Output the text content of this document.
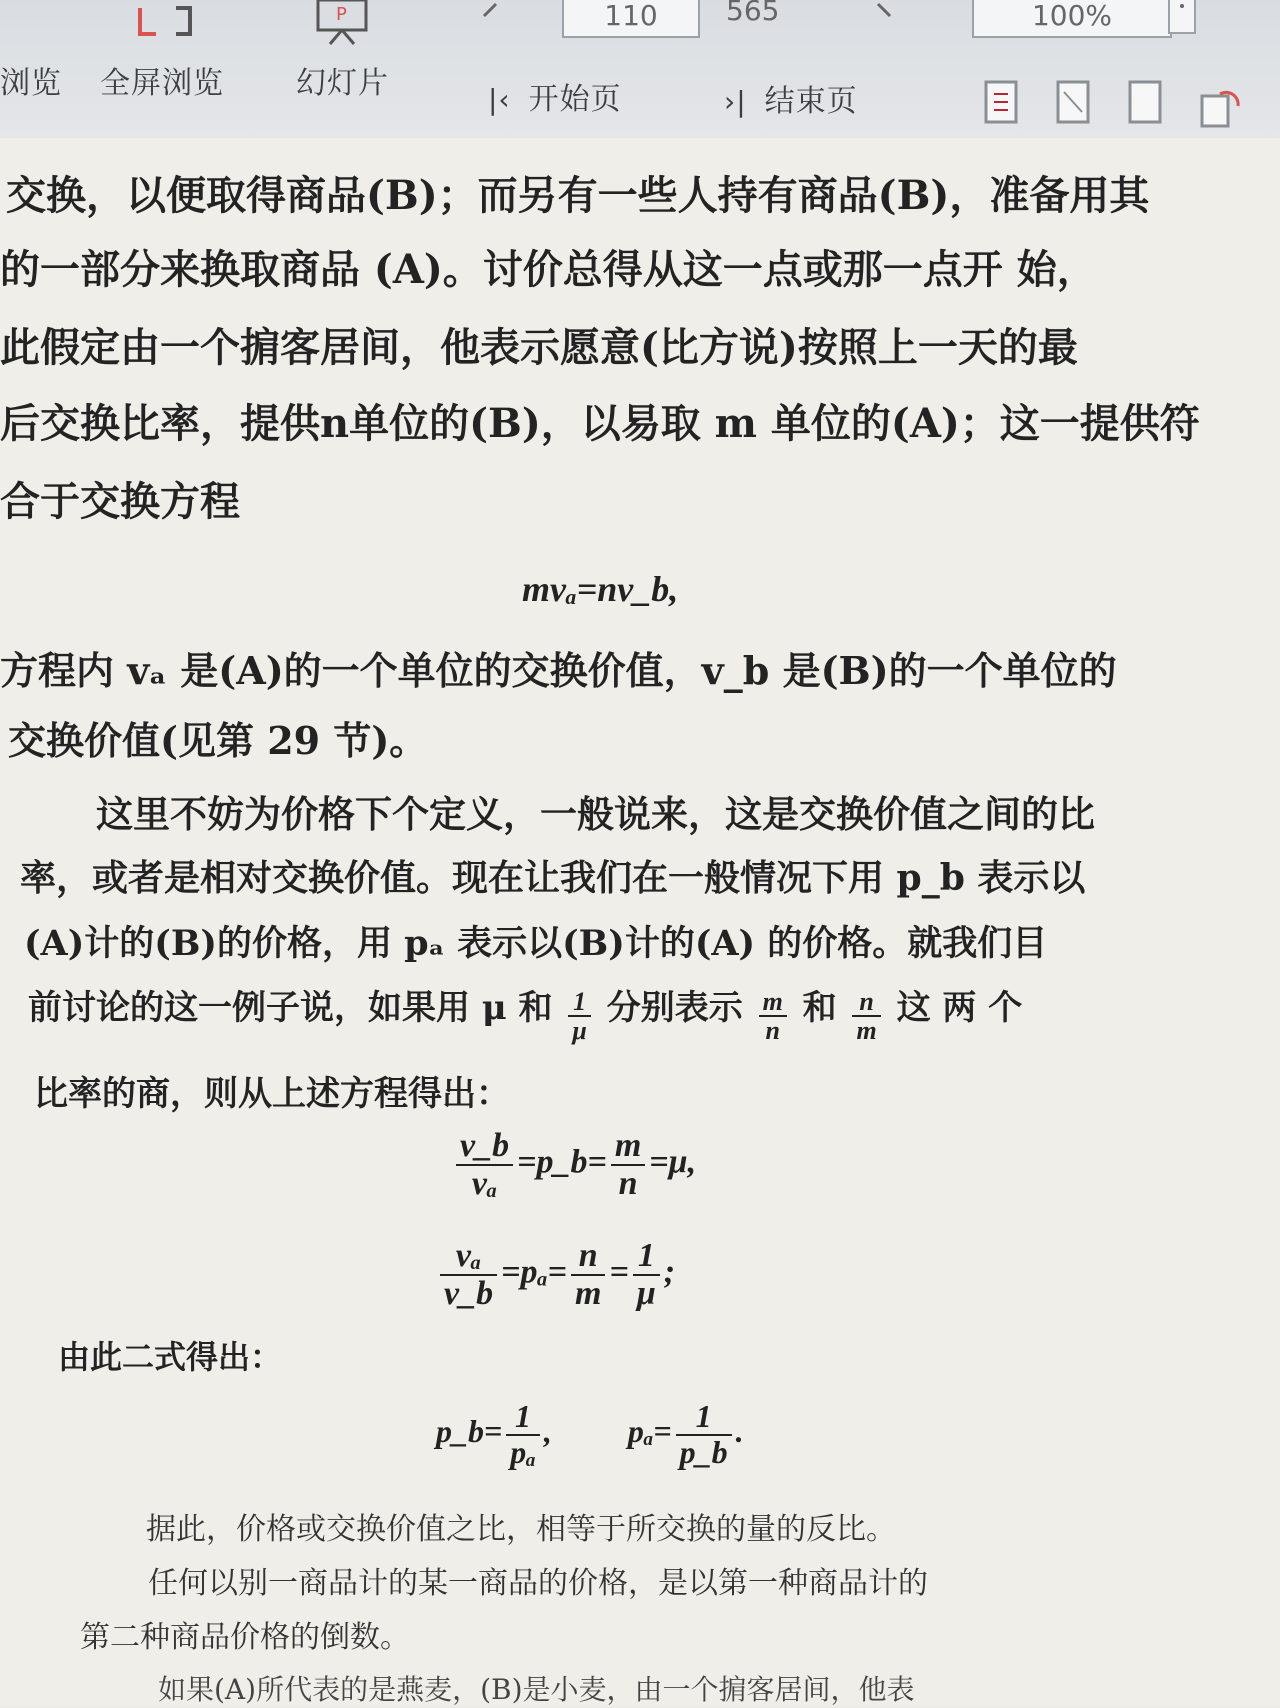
浏览 全屏浏览
P
幻灯片
110 565	100%
|‹ 开始页	›| 结束页
交换，以便取得商品(B)；而另有一些人持有商品(B)，准备用其
的一部分来换取商品 (A)。讨价总得从这一点或那一点开 始，
此假定由一个掮客居间，他表示愿意(比方说)按照上一天的最
后交换比率，提供n单位的(B)，以易取 m 单位的(A)；这一提供符
合于交换方程
mvₐ=nv_b,
方程内 vₐ 是(A)的一个单位的交换价值，v_b 是(B)的一个单位的
交换价值(见第 29 节)。
这里不妨为价格下个定义，一般说来，这是交换价值之间的比
率，或者是相对交换价值。现在让我们在一般情况下用 p_b 表示以
(A)计的(B)的价格，用 pₐ 表示以(B)计的(A) 的价格。就我们目
前讨论的这一例子说，如果用 μ 和 $\frac{1}{\mu}$ 分别表示 $\frac{m}{n}$ 和 $\frac{n}{m}$ 这 两 个
比率的商，则从上述方程得出：
$\frac{v\_b}{\text{vₐ}}$ =p_b= $\frac{m}{n} =\mu$,
$\frac{\text{vₐ}}{v\_b} =p_a= \frac{n}{m} = \frac{1}{\mu}$ ;
由此二式得出：
p_b= $\frac{1}{\text{pₐ}}$ , $p_a= \frac{1}{p\_b}$ .
据此，价格或交换价值之比，相等于所交换的量的反比。
任何以别一商品计的某一商品的价格，是以第一种商品计的
第二种商品价格的倒数。
如果(A)所代表的是燕麦，(B)是小麦，由一个掮客居间，他表
